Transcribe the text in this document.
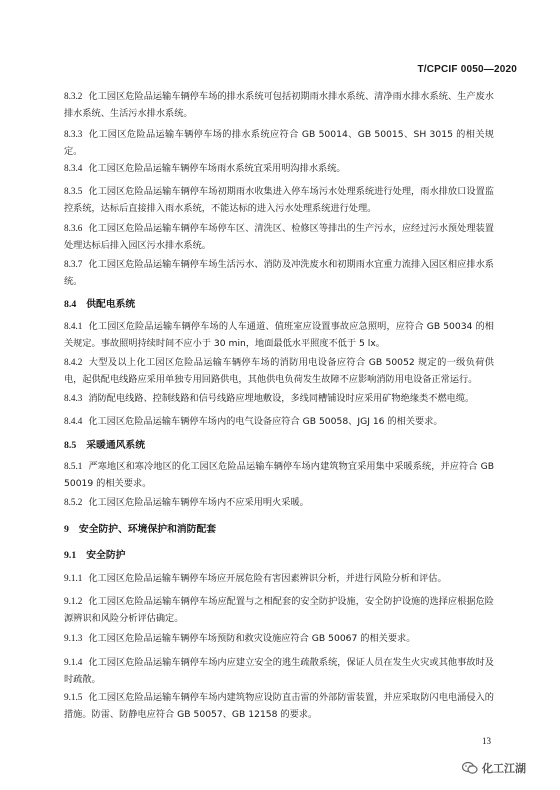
T/CPCIF 0050—2020
8.3.2 化工园区危险品运输车辆停车场的排水系统可包括初期雨水排水系统、清净雨水排水系统、生产废水排水系统、生活污水排水系统。
8.3.3 化工园区危险品运输车辆停车场的排水系统应符合 GB 50014、GB 50015、SH 3015 的相关规定。
8.3.4 化工园区危险品运输车辆停车场雨水系统宜采用明沟排水系统。
8.3.5 化工园区危险品运输车辆停车场初期雨水收集进入停车场污水处理系统进行处理，雨水排放口设置监控系统，达标后直接排入雨水系统，不能达标的进入污水处理系统进行处理。
8.3.6 化工园区危险品运输车辆停车场停车区、清洗区、检修区等排出的生产污水，应经过污水预处理装置处理达标后排入园区污水排水系统。
8.3.7 化工园区危险品运输车辆停车场生活污水、消防及冲洗废水和初期雨水宜重力流排入园区相应排水系统。
8.4 供配电系统
8.4.1 化工园区危险品运输车辆停车场的人车通道、值班室应设置事故应急照明，应符合 GB 50034 的相关规定。事故照明持续时间不应小于 30 min，地面最低水平照度不低于 5 lx。
8.4.2 大型及以上化工园区危险品运输车辆停车场的消防用电设备应符合 GB 50052 规定的一级负荷供电，起供配电线路应采用单独专用回路供电，其他供电负荷发生故障不应影响消防用电设备正常运行。
8.4.3 消防配电线路、控制线路和信号线路应埋地敷设，多线同槽铺设时应采用矿物绝缘类不燃电缆。
8.4.4 化工园区危险品运输车辆停车场内的电气设备应符合 GB 50058、JGJ 16 的相关要求。
8.5 采暖通风系统
8.5.1 严寒地区和寒冷地区的化工园区危险品运输车辆停车场内建筑物宜采用集中采暖系统，并应符合 GB 50019 的相关要求。
8.5.2 化工园区危险品运输车辆停车场内不应采用明火采暖。
9 安全防护、环境保护和消防配套
9.1 安全防护
9.1.1 化工园区危险品运输车辆停车场应开展危险有害因素辨识分析，并进行风险分析和评估。
9.1.2 化工园区危险品运输车辆停车场应配置与之相配套的安全防护设施，安全防护设施的选择应根据危险源辨识和风险分析评估确定。
9.1.3 化工园区危险品运输车辆停车场预防和救灾设施应符合 GB 50067 的相关要求。
9.1.4 化工园区危险品运输车辆停车场内应建立安全的逃生疏散系统，保证人员在发生火灾或其他事故时及时疏散。
9.1.5 化工园区危险品运输车辆停车场内建筑物应设防直击雷的外部防雷装置，并应采取防闪电电涌侵入的措施。防雷、防静电应符合 GB 50057、GB 12158 的要求。
13
化工江湖
